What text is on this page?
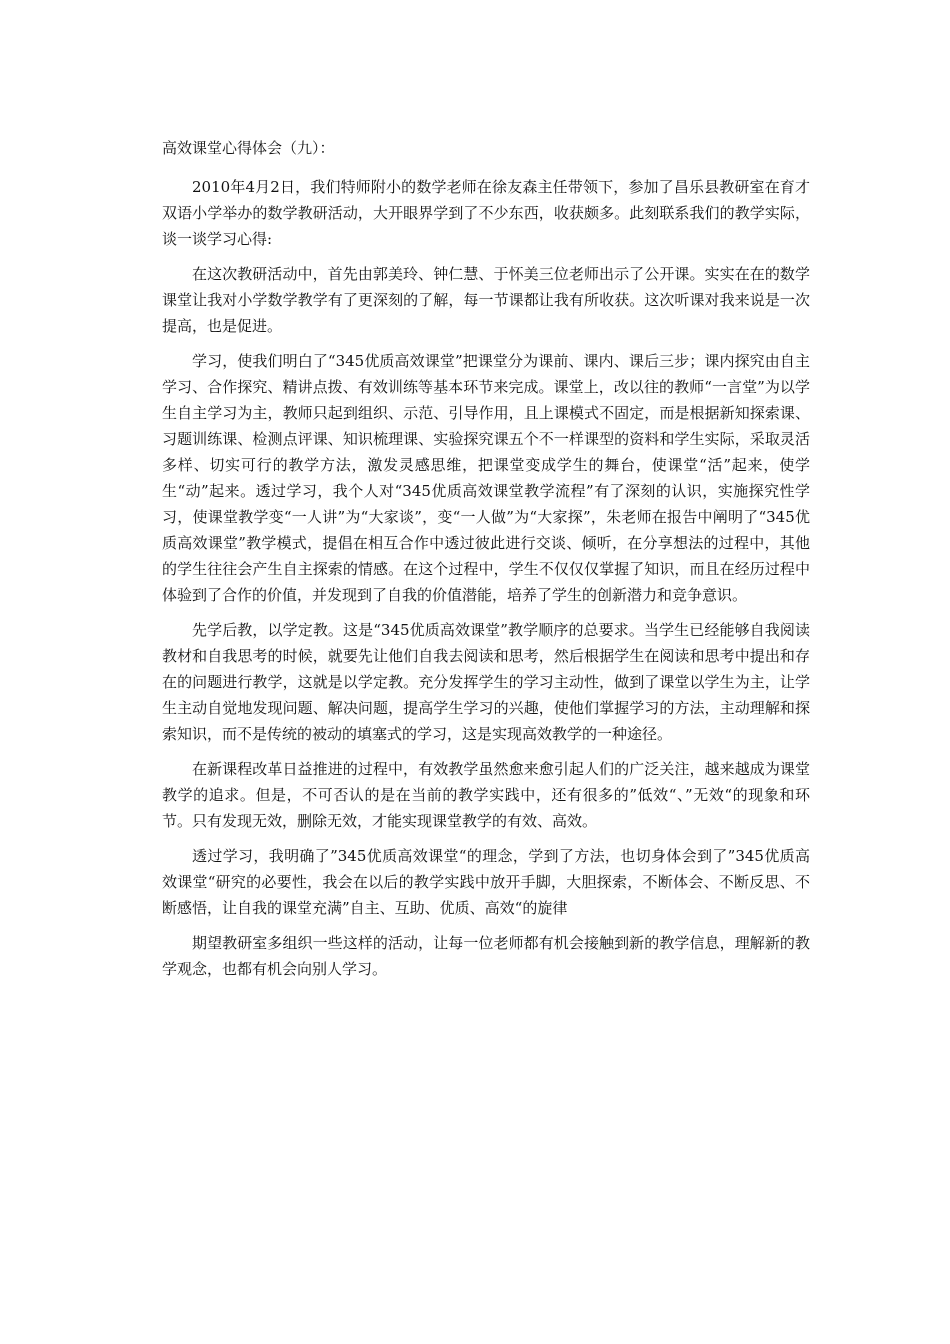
高效课堂心得体会（九）：

2010年4月2日，我们特师附小的数学老师在徐友森主任带领下，参加了昌乐县教研室在育才双语小学举办的数学教研活动，大开眼界学到了不少东西，收获颇多。此刻联系我们的教学实际，谈一谈学习心得:

在这次教研活动中，首先由郭美玲、钟仁慧、于怀美三位老师出示了公开课。实实在在的数学课堂让我对小学数学教学有了更深刻的了解，每一节课都让我有所收获。这次听课对我来说是一次提高，也是促进。

学习，使我们明白了“345优质高效课堂”把课堂分为课前、课内、课后三步；课内探究由自主学习、合作探究、精讲点拨、有效训练等基本环节来完成。课堂上，改以往的教师“一言堂”为以学生自主学习为主，教师只起到组织、示范、引导作用，且上课模式不固定，而是根据新知探索课、习题训练课、检测点评课、知识梳理课、实验探究课五个不一样课型的资料和学生实际，采取灵活多样、切实可行的教学方法，激发灵感思维，把课堂变成学生的舞台，使课堂“活”起来，使学生“动”起来。透过学习，我个人对“345优质高效课堂教学流程”有了深刻的认识，实施探究性学习，使课堂教学变“一人讲”为“大家谈”，变“一人做”为“大家探”，朱老师在报告中阐明了“345优质高效课堂”教学模式，提倡在相互合作中透过彼此进行交谈、倾听，在分享想法的过程中，其他的学生往往会产生自主探索的情感。在这个过程中，学生不仅仅仅掌握了知识，而且在经历过程中体验到了合作的价值，并发现到了自我的价值潜能，培养了学生的创新潜力和竞争意识。

先学后教，以学定教。这是“345优质高效课堂”教学顺序的总要求。当学生已经能够自我阅读教材和自我思考的时候，就要先让他们自我去阅读和思考，然后根据学生在阅读和思考中提出和存在的问题进行教学，这就是以学定教。充分发挥学生的学习主动性，做到了课堂以学生为主，让学生主动自觉地发现问题、解决问题，提高学生学习的兴趣，使他们掌握学习的方法，主动理解和探索知识，而不是传统的被动的填塞式的学习，这是实现高效教学的一种途径。

在新课程改革日益推进的过程中，有效教学虽然愈来愈引起人们的广泛关注，越来越成为课堂教学的追求。但是，不可否认的是在当前的教学实践中，还有很多的”低效“、”无效“的现象和环节。只有发现无效，删除无效，才能实现课堂教学的有效、高效。

透过学习，我明确了”345优质高效课堂“的理念，学到了方法，也切身体会到了”345优质高效课堂“研究的必要性，我会在以后的教学实践中放开手脚，大胆探索，不断体会、不断反思、不断感悟，让自我的课堂充满”自主、互助、优质、高效“的旋律

期望教研室多组织一些这样的活动，让每一位老师都有机会接触到新的教学信息，理解新的教学观念，也都有机会向别人学习。
